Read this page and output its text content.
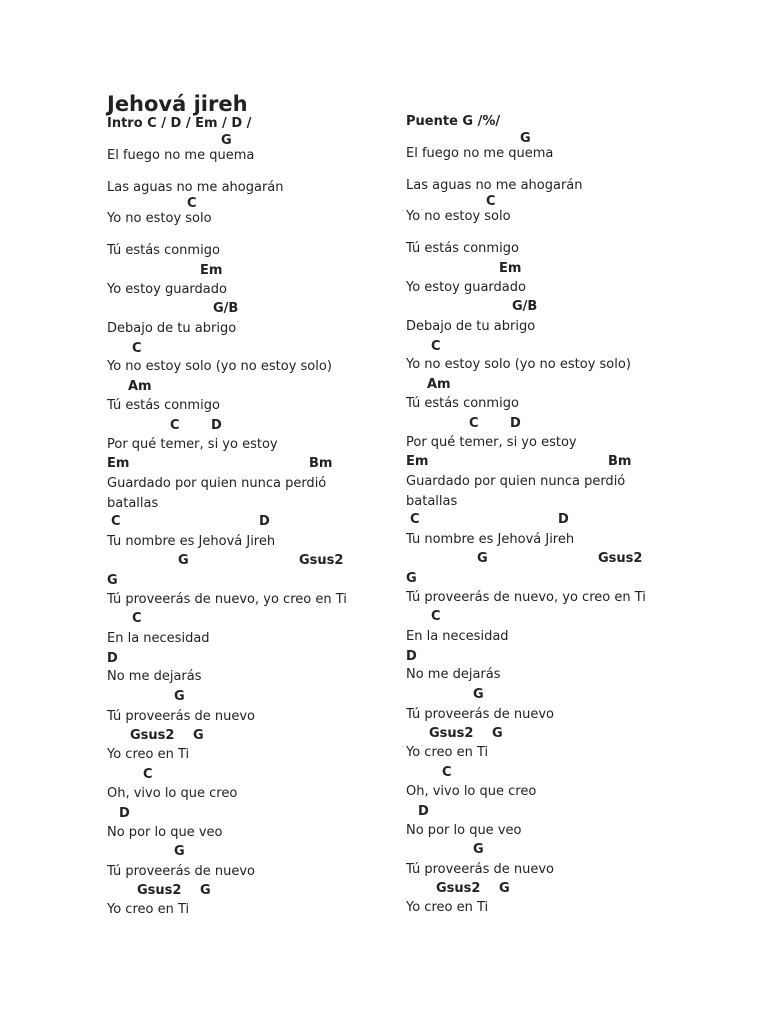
Jehová jireh
Intro C / D / Em / D /
G
El fuego no me quema
Las aguas no me ahogarán
C
Yo no estoy solo
Tú estás conmigo
Em
Yo estoy guardado
G/B
Debajo de tu abrigo
C
Yo no estoy solo (yo no estoy solo)
Am
Tú estás conmigo
C D
Por qué temer, si yo estoy
Em	Bm
Guardado por quien nunca perdió
batallas
C	D
Tu nombre es Jehová Jireh
G	Gsus2
G
Tú proveerás de nuevo, yo creo en Ti
C
En la necesidad
D
No me dejarás
G
Tú proveerás de nuevo
Gsus2 G
Yo creo en Ti
C
Oh, vivo lo que creo
D
No por lo que veo
G
Tú proveerás de nuevo
Gsus2 G
Yo creo en Ti
Puente G /%/
G
El fuego no me quema
Las aguas no me ahogarán
C
Yo no estoy solo
Tú estás conmigo
Em
Yo estoy guardado
G/B
Debajo de tu abrigo
C
Yo no estoy solo (yo no estoy solo)
Am
Tú estás conmigo
C D
Por qué temer, si yo estoy
Em	Bm
Guardado por quien nunca perdió
batallas
C	D
Tu nombre es Jehová Jireh
G	Gsus2
G
Tú proveerás de nuevo, yo creo en Ti
C
En la necesidad
D
No me dejarás
G
Tú proveerás de nuevo
Gsus2 G
Yo creo en Ti
C
Oh, vivo lo que creo
D
No por lo que veo
G
Tú proveerás de nuevo
Gsus2 G
Yo creo en Ti
